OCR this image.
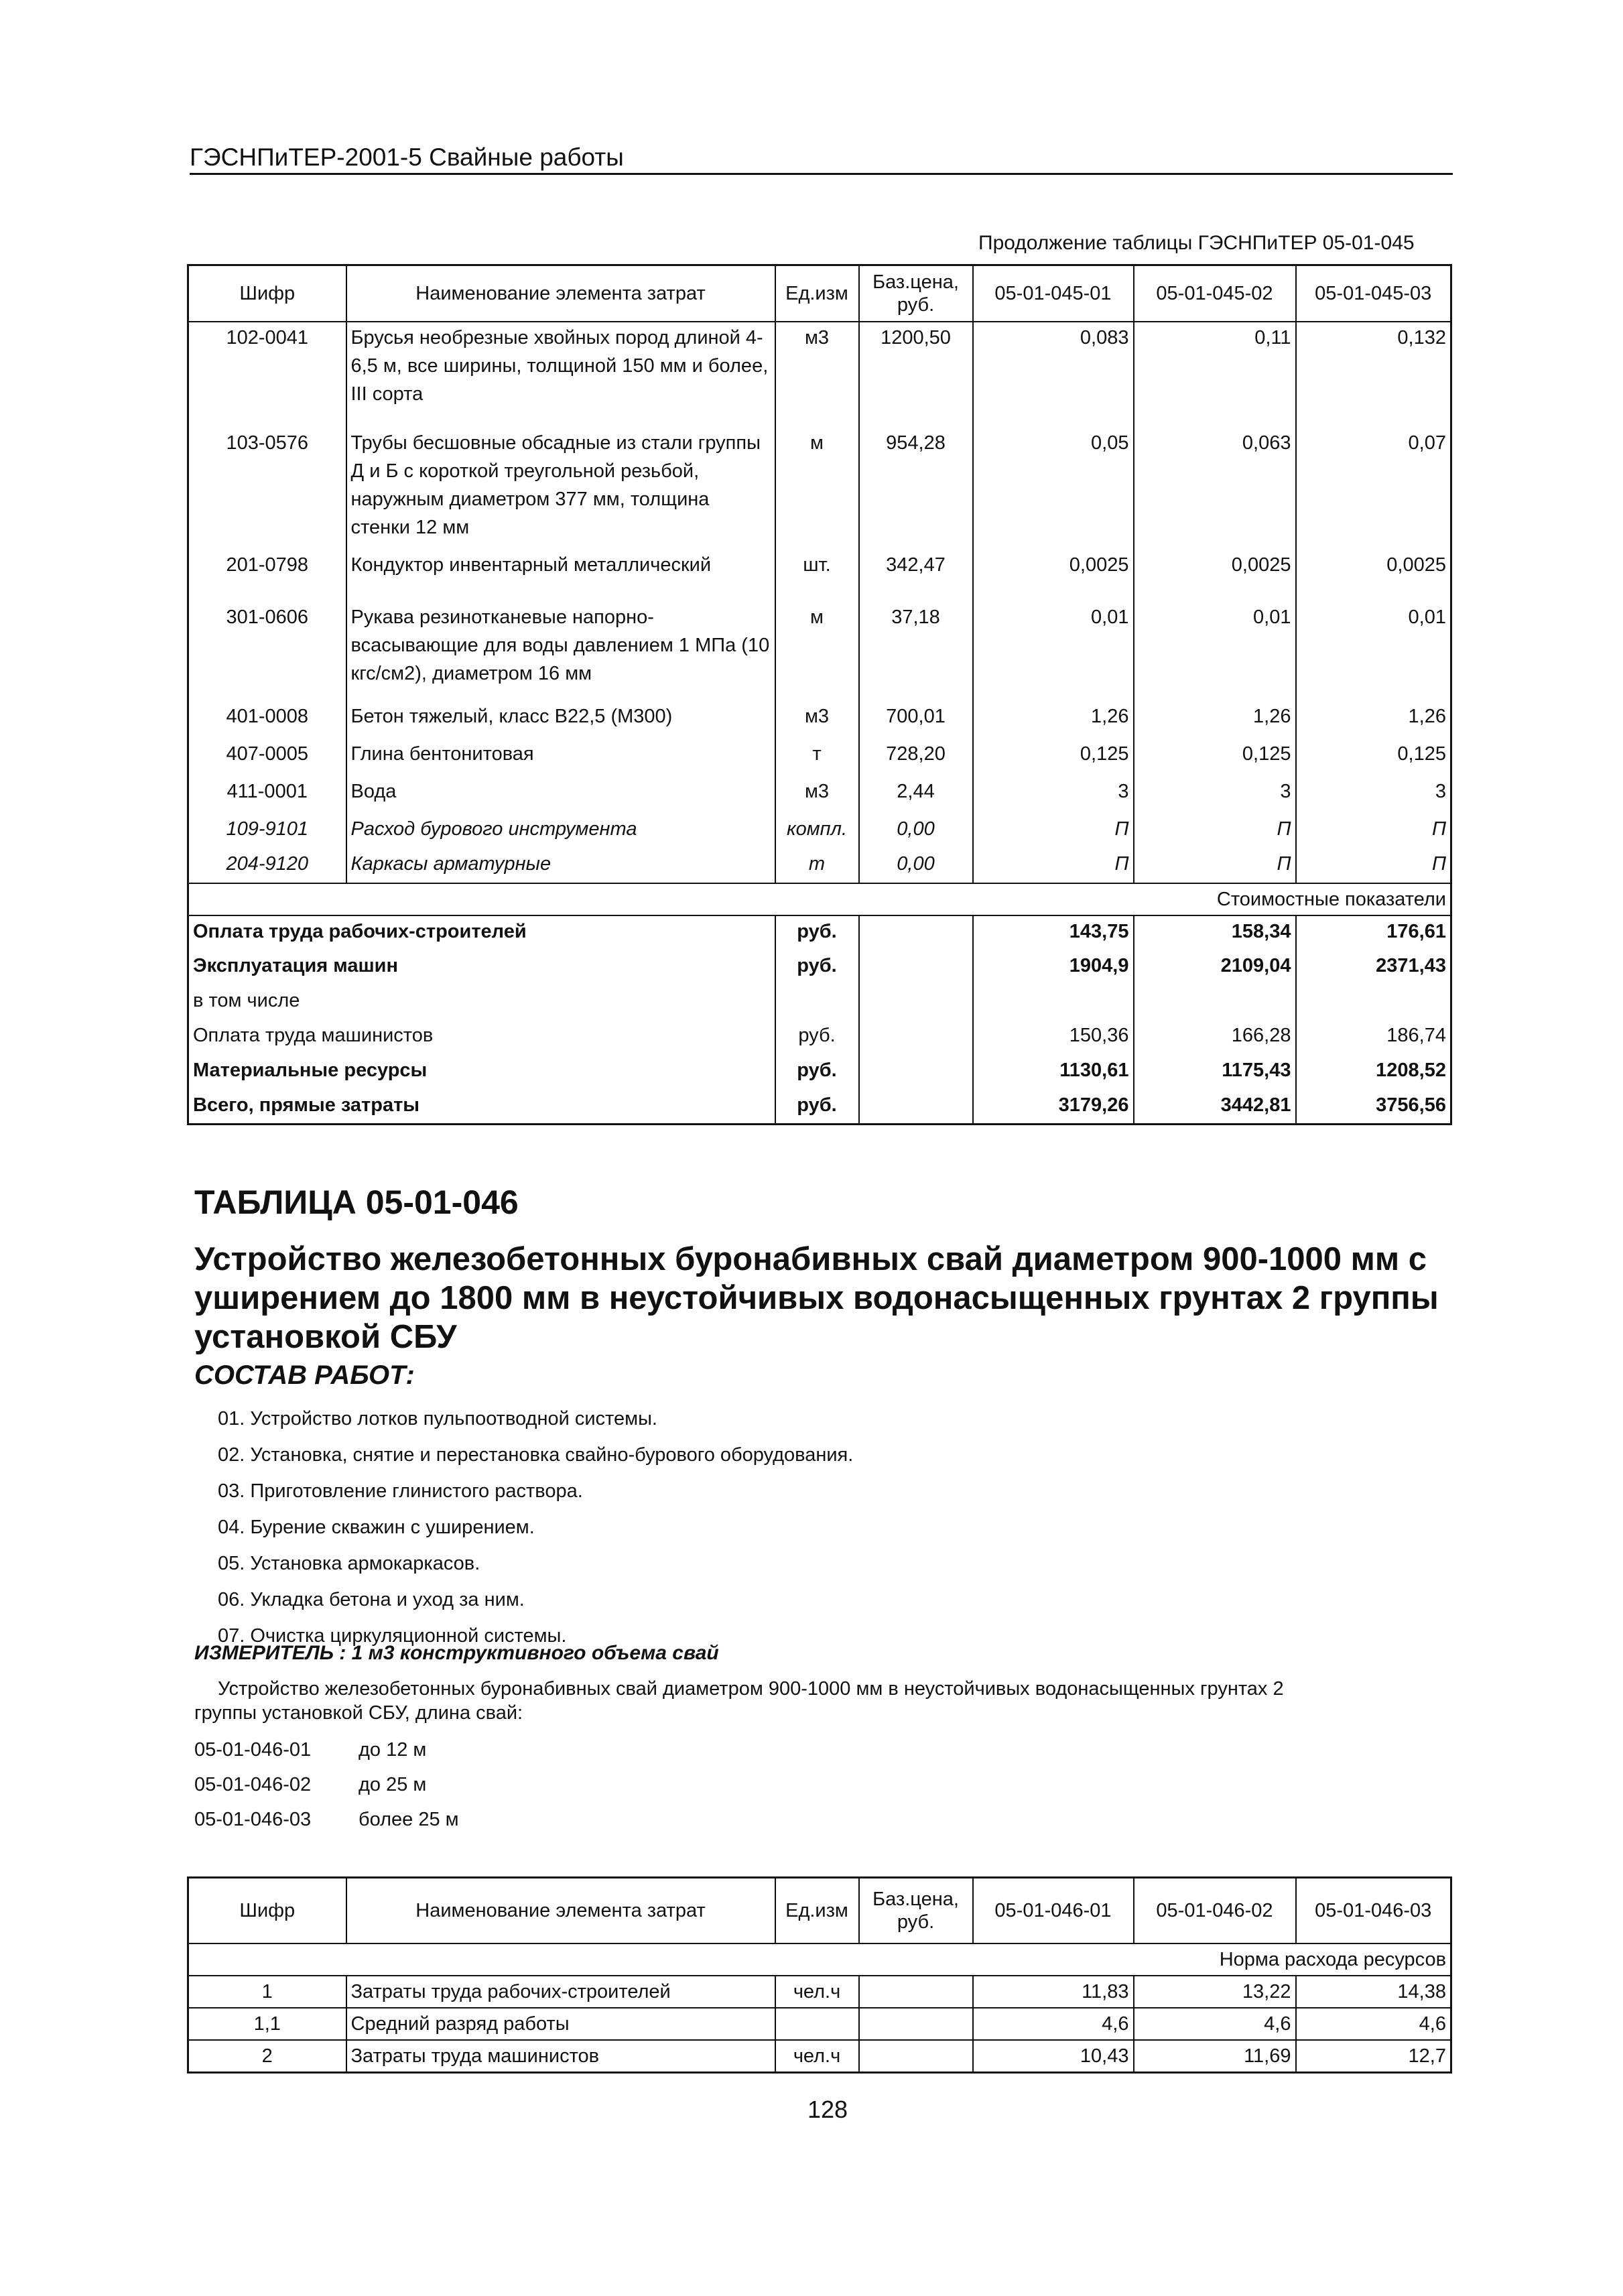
ГЭСНПиТЕР-2001-5 Свайные работы
Продолжение таблицы ГЭСНПиТЕР 05-01-045
Шифр	Наименование элемента затрат	Ед.изм	Баз.цена, руб.	05-01-045-01	05-01-045-02	05-01-045-03
102-0041	Брусья необрезные хвойных пород длиной 4-6,5 м, все ширины, толщиной 150 мм и более, III сорта	м3	1200,50	0,083	0,11	0,132
103-0576	Трубы бесшовные обсадные из стали группы Д и Б с короткой треугольной резьбой, наружным диаметром 377 мм, толщина стенки 12 мм	м	954,28	0,05	0,063	0,07
201-0798	Кондуктор инвентарный металлический	шт.	342,47	0,0025	0,0025	0,0025
301-0606	Рукава резинотканевые напорно-всасывающие для воды давлением 1 МПа (10 кгс/см2), диаметром 16 мм	м	37,18	0,01	0,01	0,01
401-0008	Бетон тяжелый, класс В22,5 (М300)	м3	700,01	1,26	1,26	1,26
407-0005	Глина бентонитовая	т	728,20	0,125	0,125	0,125
411-0001	Вода	м3	2,44	3	3	3
109-9101	Расход бурового инструмента	компл.	0,00	П	П	П
204-9120	Каркасы арматурные	т	0,00	П	П	П
				Стоимостные показатели		
Оплата труда рабочих-строителей		руб.		143,75	158,34	176,61
Эксплуатация машин		руб.		1904,9	2109,04	2371,43
в том числе						
Оплата труда машинистов		руб.		150,36	166,28	186,74
Материальные ресурсы		руб.		1130,61	1175,43	1208,52
Всего, прямые затраты		руб.		3179,26	3442,81	3756,56
ТАБЛИЦА 05-01-046
Устройство железобетонных буронабивных свай диаметром 900-1000 мм с уширением до 1800 мм в неустойчивых водонасыщенных грунтах 2 группы установкой СБУ
СОСТАВ РАБОТ:
01. Устройство лотков пульпоотводной системы.
02. Установка, снятие и перестановка свайно-бурового оборудования.
03. Приготовление глинистого раствора.
04. Бурение скважин с уширением.
05. Установка армокаркасов.
06. Укладка бетона и уход за ним.
07. Очистка циркуляционной системы.
ИЗМЕРИТЕЛЬ : 1 м3 конструктивного объема свай
Устройство железобетонных буронабивных свай диаметром 900-1000 мм в неустойчивых водонасыщенных грунтах 2
группы установкой СБУ, длина свай:
05-01-046-01 до 12 м
05-01-046-02 до 25 м
05-01-046-03 более 25 м
Шифр	Наименование элемента затрат	Ед.изм	Баз.цена, руб.	05-01-046-01	05-01-046-02	05-01-046-03
				Норма расхода ресурсов		
1	Затраты труда рабочих-строителей	чел.ч		11,83	13,22	14,38
1,1	Средний разряд работы			4,6	4,6	4,6
2	Затраты труда машинистов	чел.ч		10,43	11,69	12,7
128
